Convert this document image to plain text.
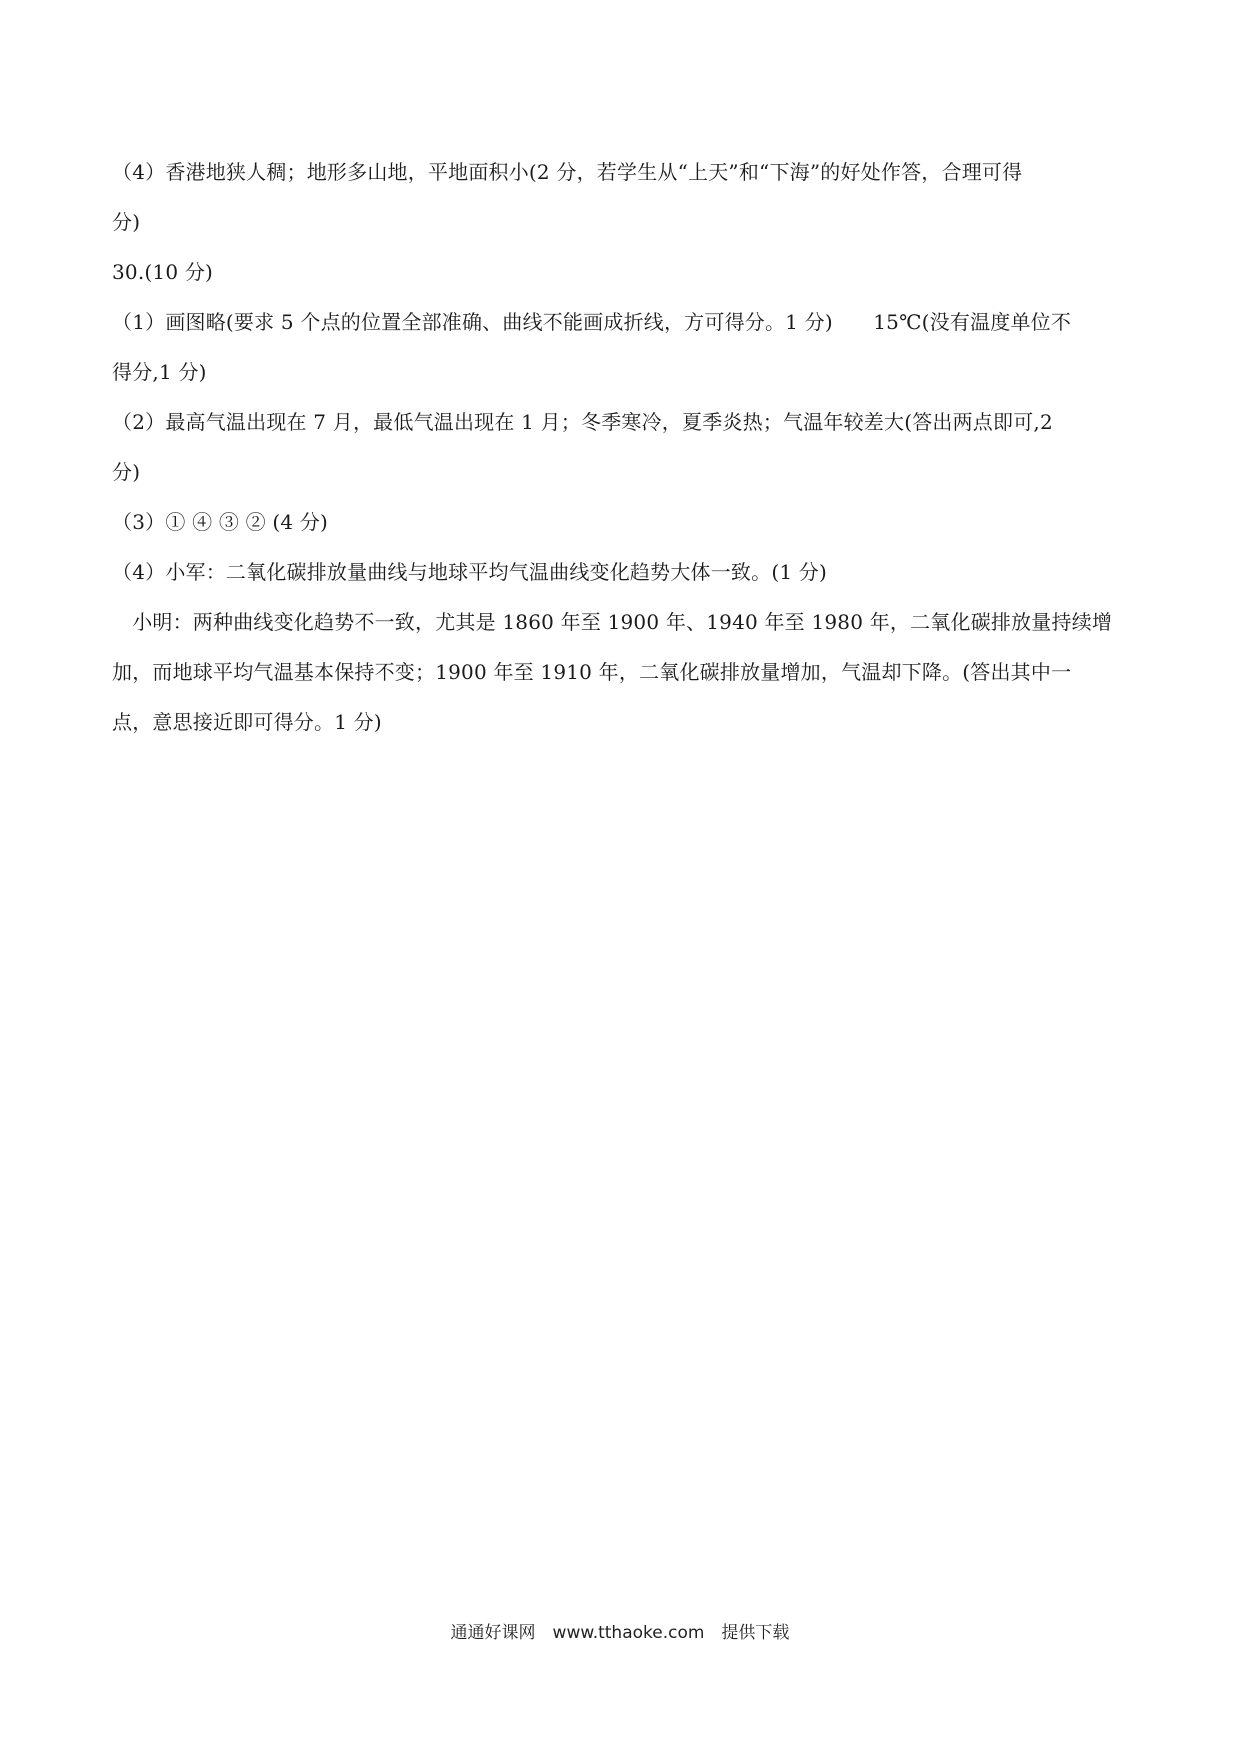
（4）香港地狭人稠；地形多山地，平地面积小(2 分，若学生从“上天”和“下海”的好处作答，合理可得
分)
30.(10 分)
（1）画图略(要求 5 个点的位置全部准确、曲线不能画成折线，方可得分。1 分)　　15℃(没有温度单位不
得分,1 分)
（2）最高气温出现在 7 月，最低气温出现在 1 月；冬季寒冷，夏季炎热；气温年较差大(答出两点即可,2
分)
（3）① ④ ③ ② (4 分)
（4）小军：二氧化碳排放量曲线与地球平均气温曲线变化趋势大体一致。(1 分)
　小明：两种曲线变化趋势不一致，尤其是 1860 年至 1900 年、1940 年至 1980 年，二氧化碳排放量持续增
加，而地球平均气温基本保持不变；1900 年至 1910 年，二氧化碳排放量增加，气温却下降。(答出其中一
点，意思接近即可得分。1 分)
通通好课网　www.tthaoke.com　提供下载
